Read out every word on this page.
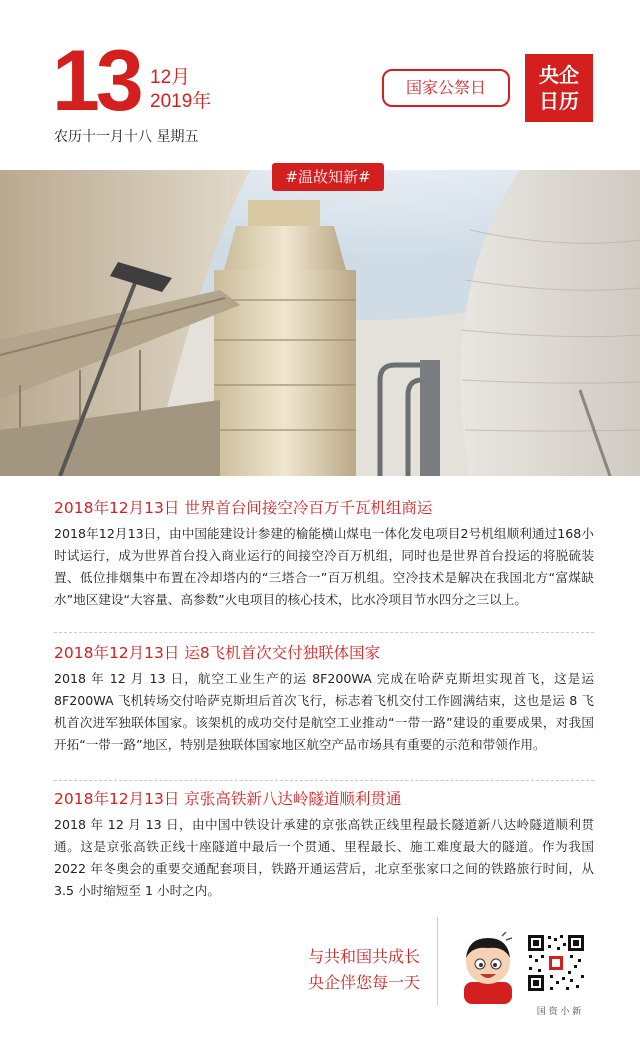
13 12月
2019年
农历十一月十八 星期五
国家公祭日
央企
日历
#温故知新#
2018年12月13日 世界首台间接空冷百万千瓦机组商运
2018年12月13日，由中国能建设计参建的榆能横山煤电一体化发电项目2号机组顺利通过168小时试运行，成为世界首台投入商业运行的间接空冷百万机组，同时也是世界首台投运的将脱硫装置、低位排烟集中布置在冷却塔内的“三塔合一”百万机组。空冷技术是解决在我国北方“富煤缺水”地区建设“大容量、高参数”火电项目的核心技术，比水冷项目节水四分之三以上。
2018年12月13日 运8飞机首次交付独联体国家
2018 年 12 月 13 日，航空工业生产的运 8F200WA 完成在哈萨克斯坦实现首飞，这是运 8F200WA 飞机转场交付哈萨克斯坦后首次飞行，标志着飞机交付工作圆满结束，这也是运 8 飞机首次进军独联体国家。该架机的成功交付是航空工业推动“一带一路”建设的重要成果，对我国开拓“一带一路”地区，特别是独联体国家地区航空产品市场具有重要的示范和带领作用。
2018年12月13日 京张高铁新八达岭隧道顺利贯通
2018 年 12 月 13 日，由中国中铁设计承建的京张高铁正线里程最长隧道新八达岭隧道顺利贯通。这是京张高铁正线十座隧道中最后一个贯通、里程最长、施工难度最大的隧道。作为我国 2022 年冬奥会的重要交通配套项目，铁路开通运营后，北京至张家口之间的铁路旅行时间，从 3.5 小时缩短至 1 小时之内。
与共和国共成长
央企伴您每一天
国 资 小 新
